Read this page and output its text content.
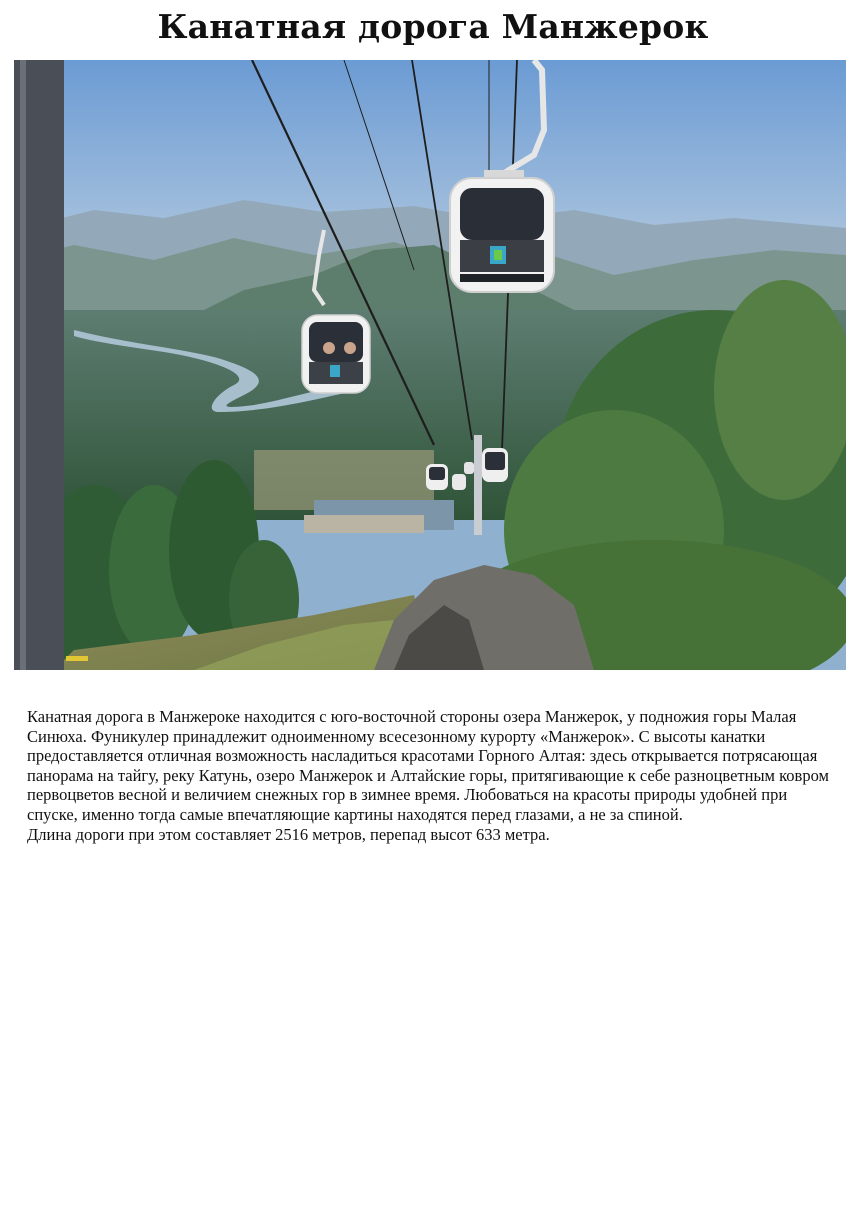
Канатная дорога Манжерок

Канатная дорога в Манжероке находится с юго-восточной стороны озера Манжерок, у подножия горы Малая Синюха. Фуникулер принадлежит одноименному всесезонному курорту «Манжерок». С высоты канатки предоставляется отличная возможность насладиться красотами Горного Алтая: здесь открывается потрясающая панорама на тайгу, реку Катунь, озеро Манжерок и Алтайские горы, притягивающие к себе разноцветным ковром первоцветов весной и величием снежных гор в зимнее время. Любоваться на красоты природы удобней при спуске, именно тогда самые впечатляющие картины находятся перед глазами, а не за спиной.

Длина дороги при этом составляет 2516 метров, перепад высот 633 метра.
